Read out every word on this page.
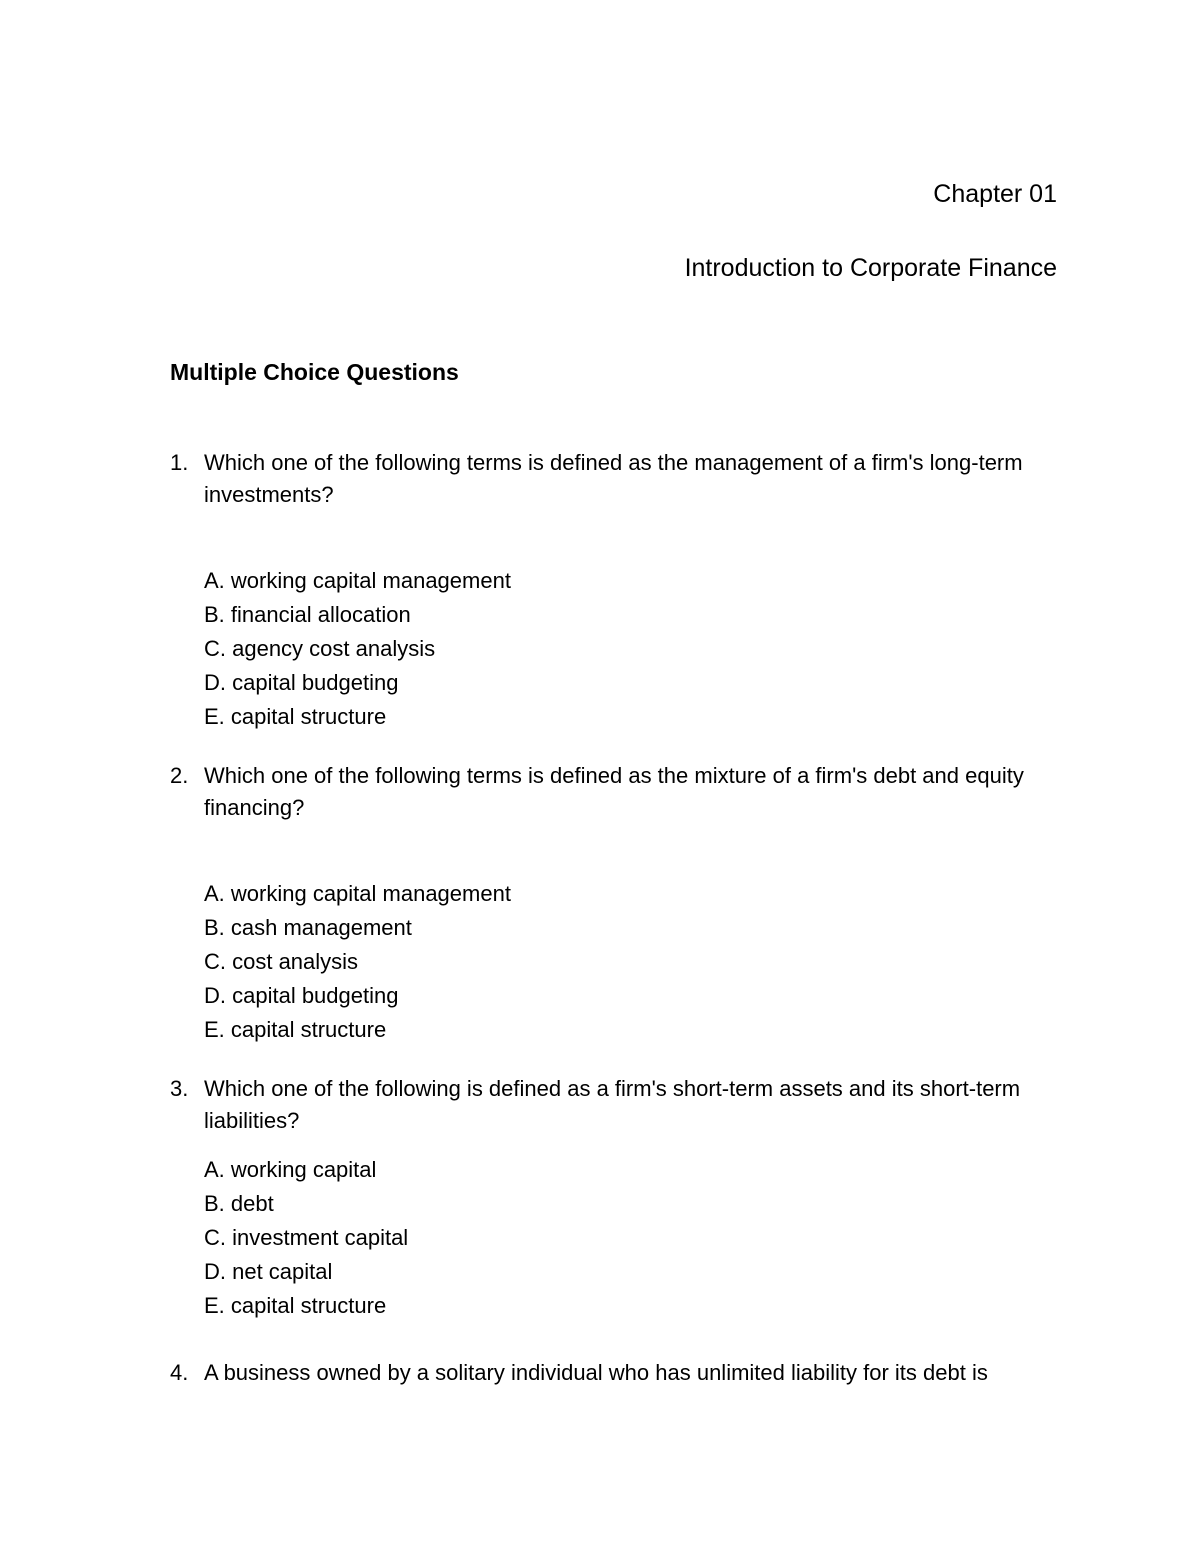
Chapter 01
Introduction to Corporate Finance
Multiple Choice Questions
1. Which one of the following terms is defined as the management of a firm's long-term investments?
A. working capital management
B. financial allocation
C. agency cost analysis
D. capital budgeting
E. capital structure
2. Which one of the following terms is defined as the mixture of a firm's debt and equity financing?
A. working capital management
B. cash management
C. cost analysis
D. capital budgeting
E. capital structure
3. Which one of the following is defined as a firm's short-term assets and its short-term liabilities?
A. working capital
B. debt
C. investment capital
D. net capital
E. capital structure
4. A business owned by a solitary individual who has unlimited liability for its debt is
